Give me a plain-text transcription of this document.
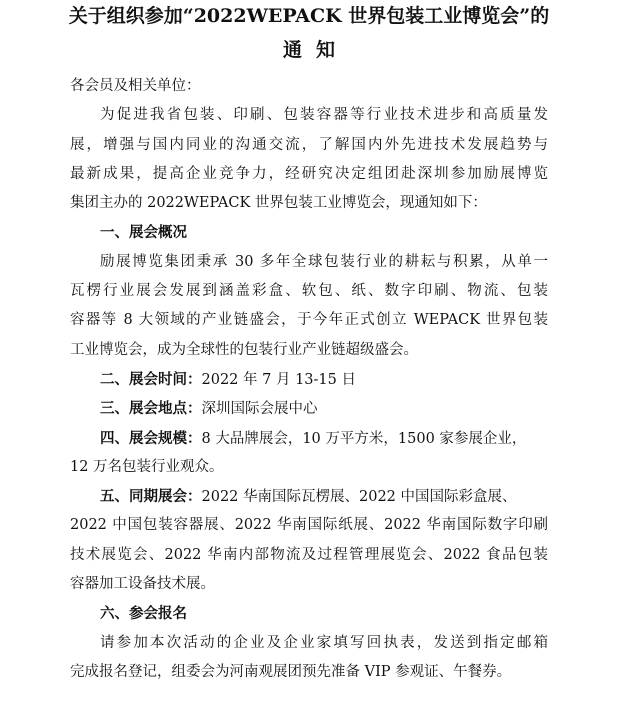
关于组织参加“2022WEPACK 世界包装工业博览会”的
通知
各会员及相关单位：
为促进我省包装、印刷、包装容器等行业技术进步和高质量发
展，增强与国内同业的沟通交流，了解国内外先进技术发展趋势与
最新成果，提高企业竞争力，经研究决定组团赴深圳参加励展博览
集团主办的 2022WEPACK 世界包装工业博览会，现通知如下：
一、展会概况
励展博览集团秉承 30 多年全球包装行业的耕耘与积累，从单一
瓦楞行业展会发展到涵盖彩盒、软包、纸、数字印刷、物流、包装
容器等 8 大领域的产业链盛会，于今年正式创立 WEPACK 世界包装
工业博览会，成为全球性的包装行业产业链超级盛会。
二、展会时间：2022 年 7 月 13-15 日
三、展会地点：深圳国际会展中心
四、展会规模：8 大品牌展会，10 万平方米，1500 家参展企业，
12 万名包装行业观众。
五、同期展会：2022 华南国际瓦楞展、2022 中国国际彩盒展、
2022 中国包装容器展、2022 华南国际纸展、2022 华南国际数字印刷
技术展览会、2022 华南内部物流及过程管理展览会、2022 食品包装
容器加工设备技术展。
六、参会报名
请参加本次活动的企业及企业家填写回执表，发送到指定邮箱
完成报名登记，组委会为河南观展团预先准备 VIP 参观证、午餐券。
